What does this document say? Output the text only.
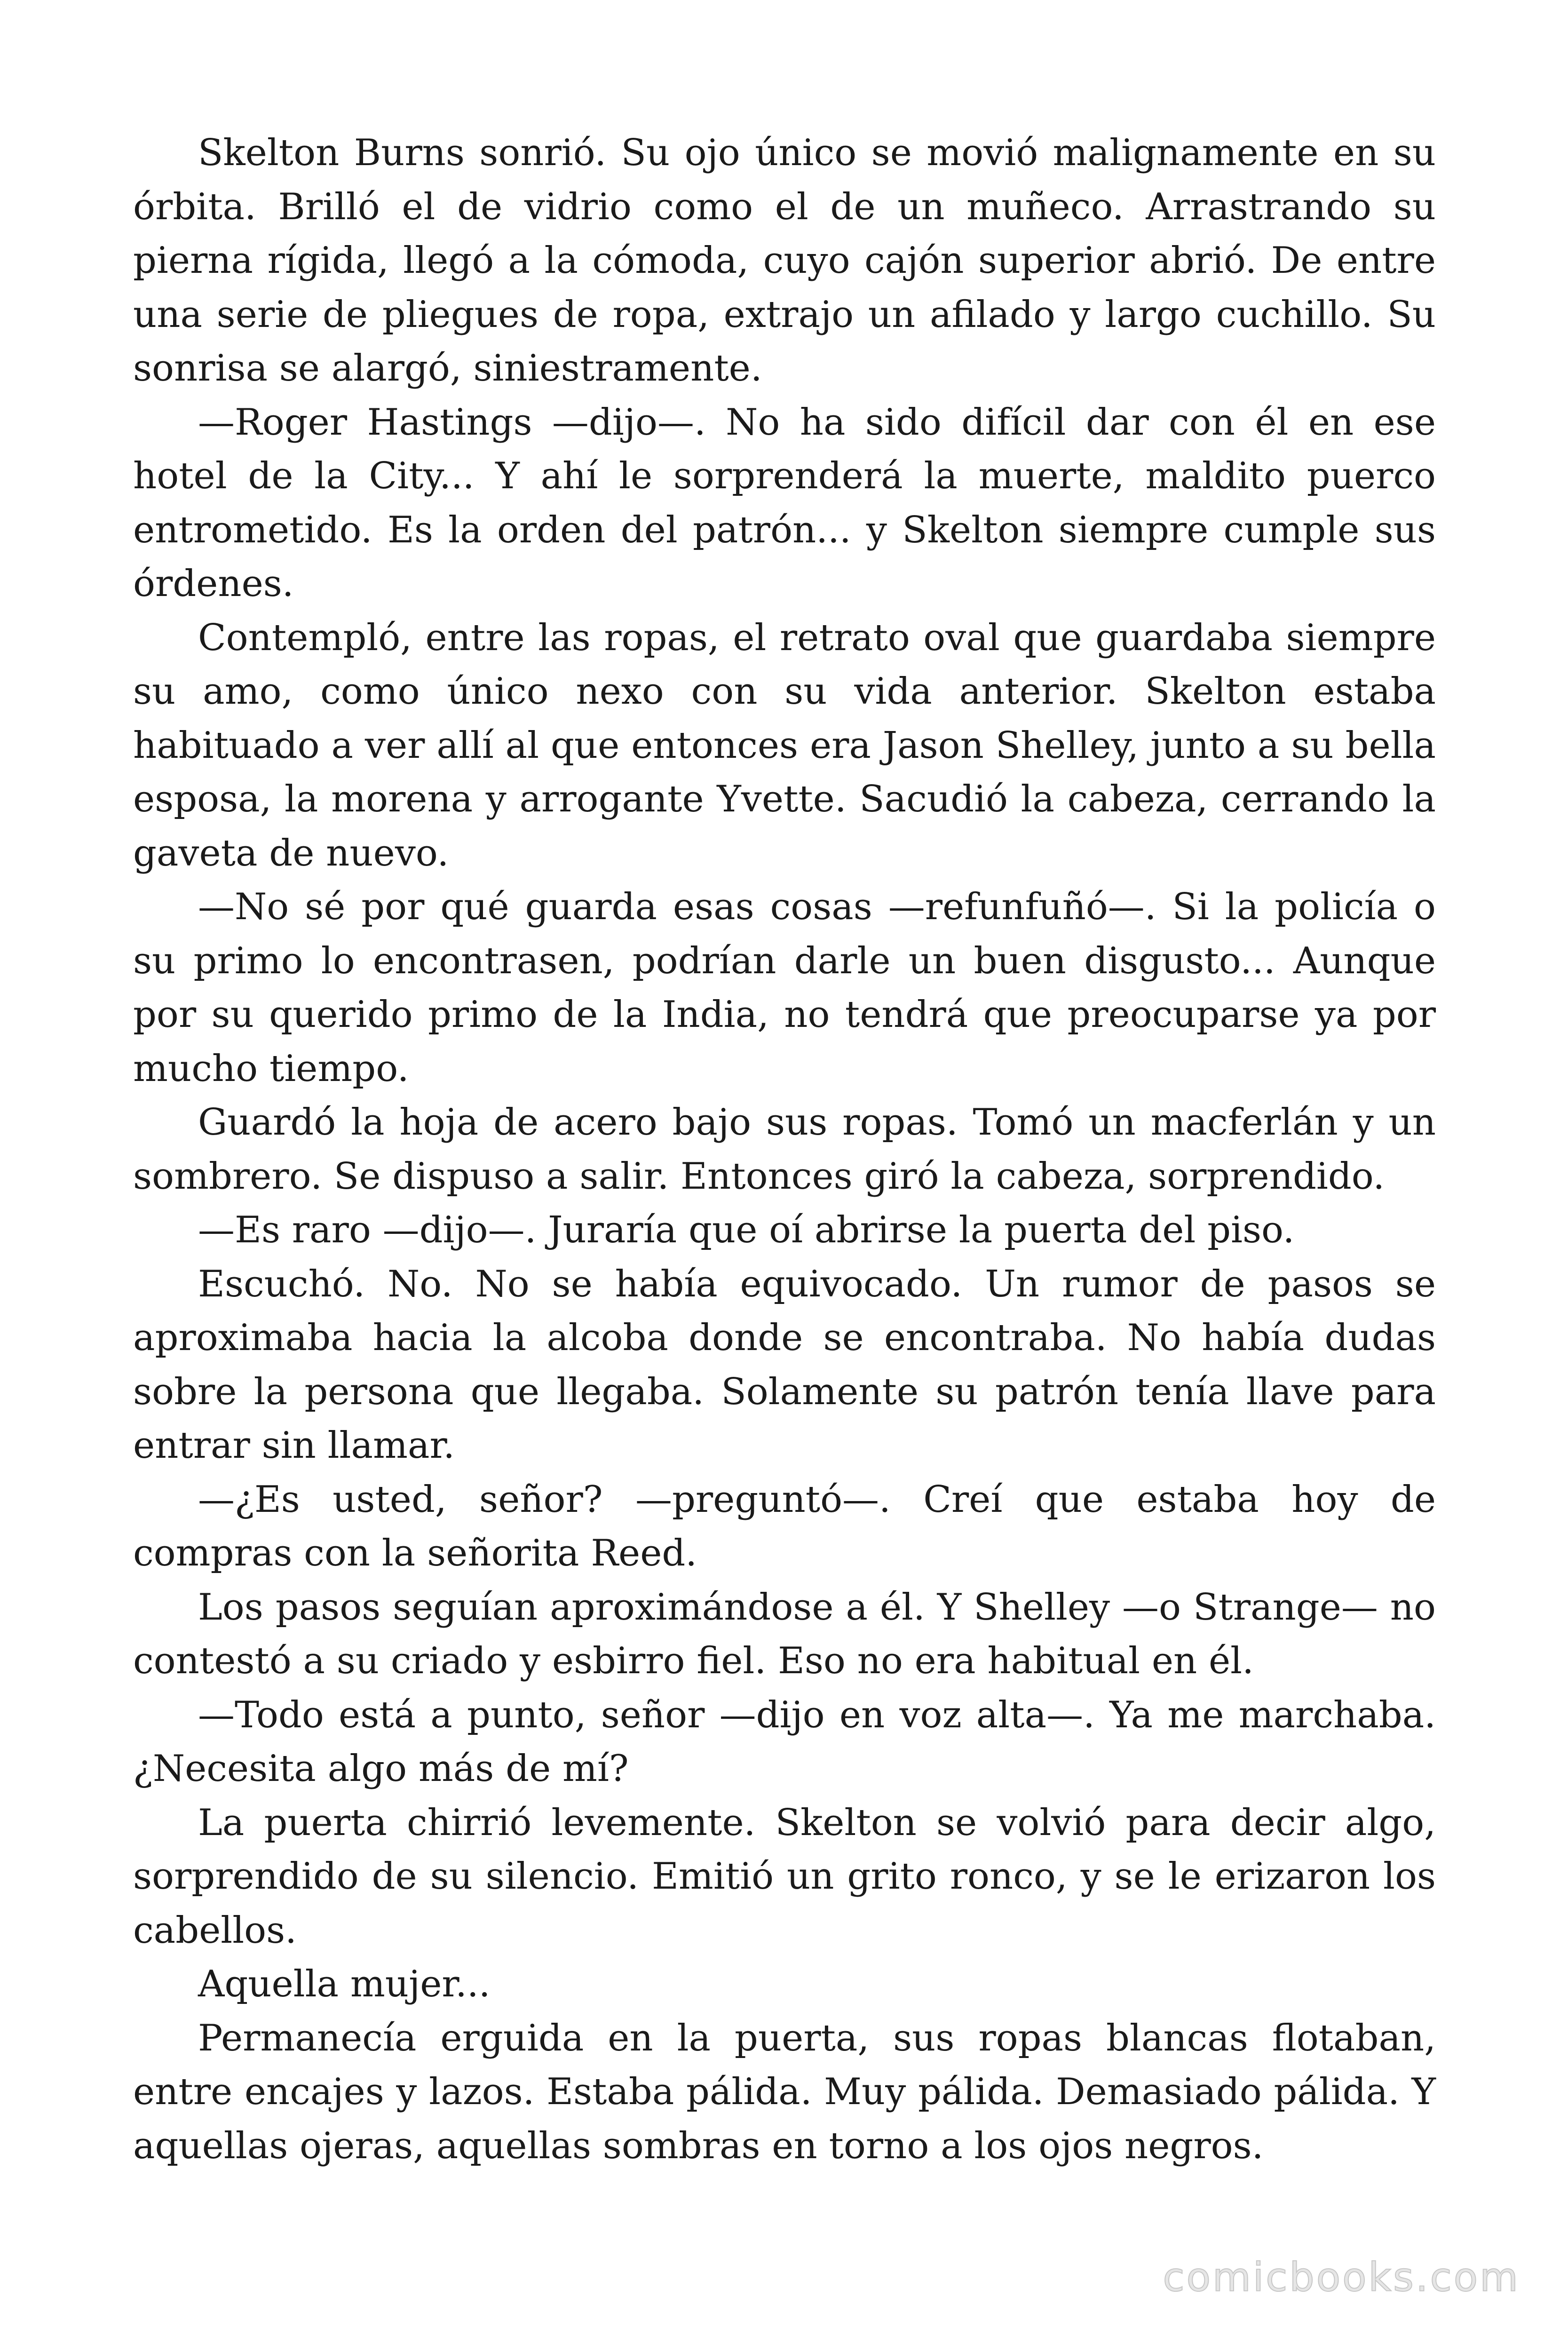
Skelton Burns sonrió. Su ojo único se movió malignamente en su órbita. Brilló el de vidrio como el de un muñeco. Arrastrando su pierna rígida, llegó a la cómoda, cuyo cajón superior abrió. De entre una serie de pliegues de ropa, extrajo un afilado y largo cuchillo. Su sonrisa se alargó, siniestramente.

—Roger Hastings —dijo—. No ha sido difícil dar con él en ese hotel de la City... Y ahí le sorprenderá la muerte, maldito puerco entrometido. Es la orden del patrón... y Skelton siempre cumple sus órdenes.

Contempló, entre las ropas, el retrato oval que guardaba siempre su amo, como único nexo con su vida anterior. Skelton estaba habituado a ver allí al que entonces era Jason Shelley, junto a su bella esposa, la morena y arrogante Yvette. Sacudió la cabeza, cerrando la gaveta de nuevo.

—No sé por qué guarda esas cosas —refunfuñó—. Si la policía o su primo lo encontrasen, podrían darle un buen disgusto... Aunque por su querido primo de la India, no tendrá que preocuparse ya por mucho tiempo.

Guardó la hoja de acero bajo sus ropas. Tomó un macferlán y un sombrero. Se dispuso a salir. Entonces giró la cabeza, sorprendido.

—Es raro —dijo—. Juraría que oí abrirse la puerta del piso.

Escuchó. No. No se había equivocado. Un rumor de pasos se aproximaba hacia la alcoba donde se encontraba. No había dudas sobre la persona que llegaba. Solamente su patrón tenía llave para entrar sin llamar.

—¿Es usted, señor? —preguntó—. Creí que estaba hoy de compras con la señorita Reed.

Los pasos seguían aproximándose a él. Y Shelley —o Strange— no contestó a su criado y esbirro fiel. Eso no era habitual en él.

—Todo está a punto, señor —dijo en voz alta—. Ya me marchaba. ¿Necesita algo más de mí?

La puerta chirrió levemente. Skelton se volvió para decir algo, sorprendido de su silencio. Emitió un grito ronco, y se le erizaron los cabellos.

Aquella mujer...

Permanecía erguida en la puerta, sus ropas blancas flotaban, entre encajes y lazos. Estaba pálida. Muy pálida. Demasiado pálida. Y aquellas ojeras, aquellas sombras en torno a los ojos negros.

comicbooks.com
